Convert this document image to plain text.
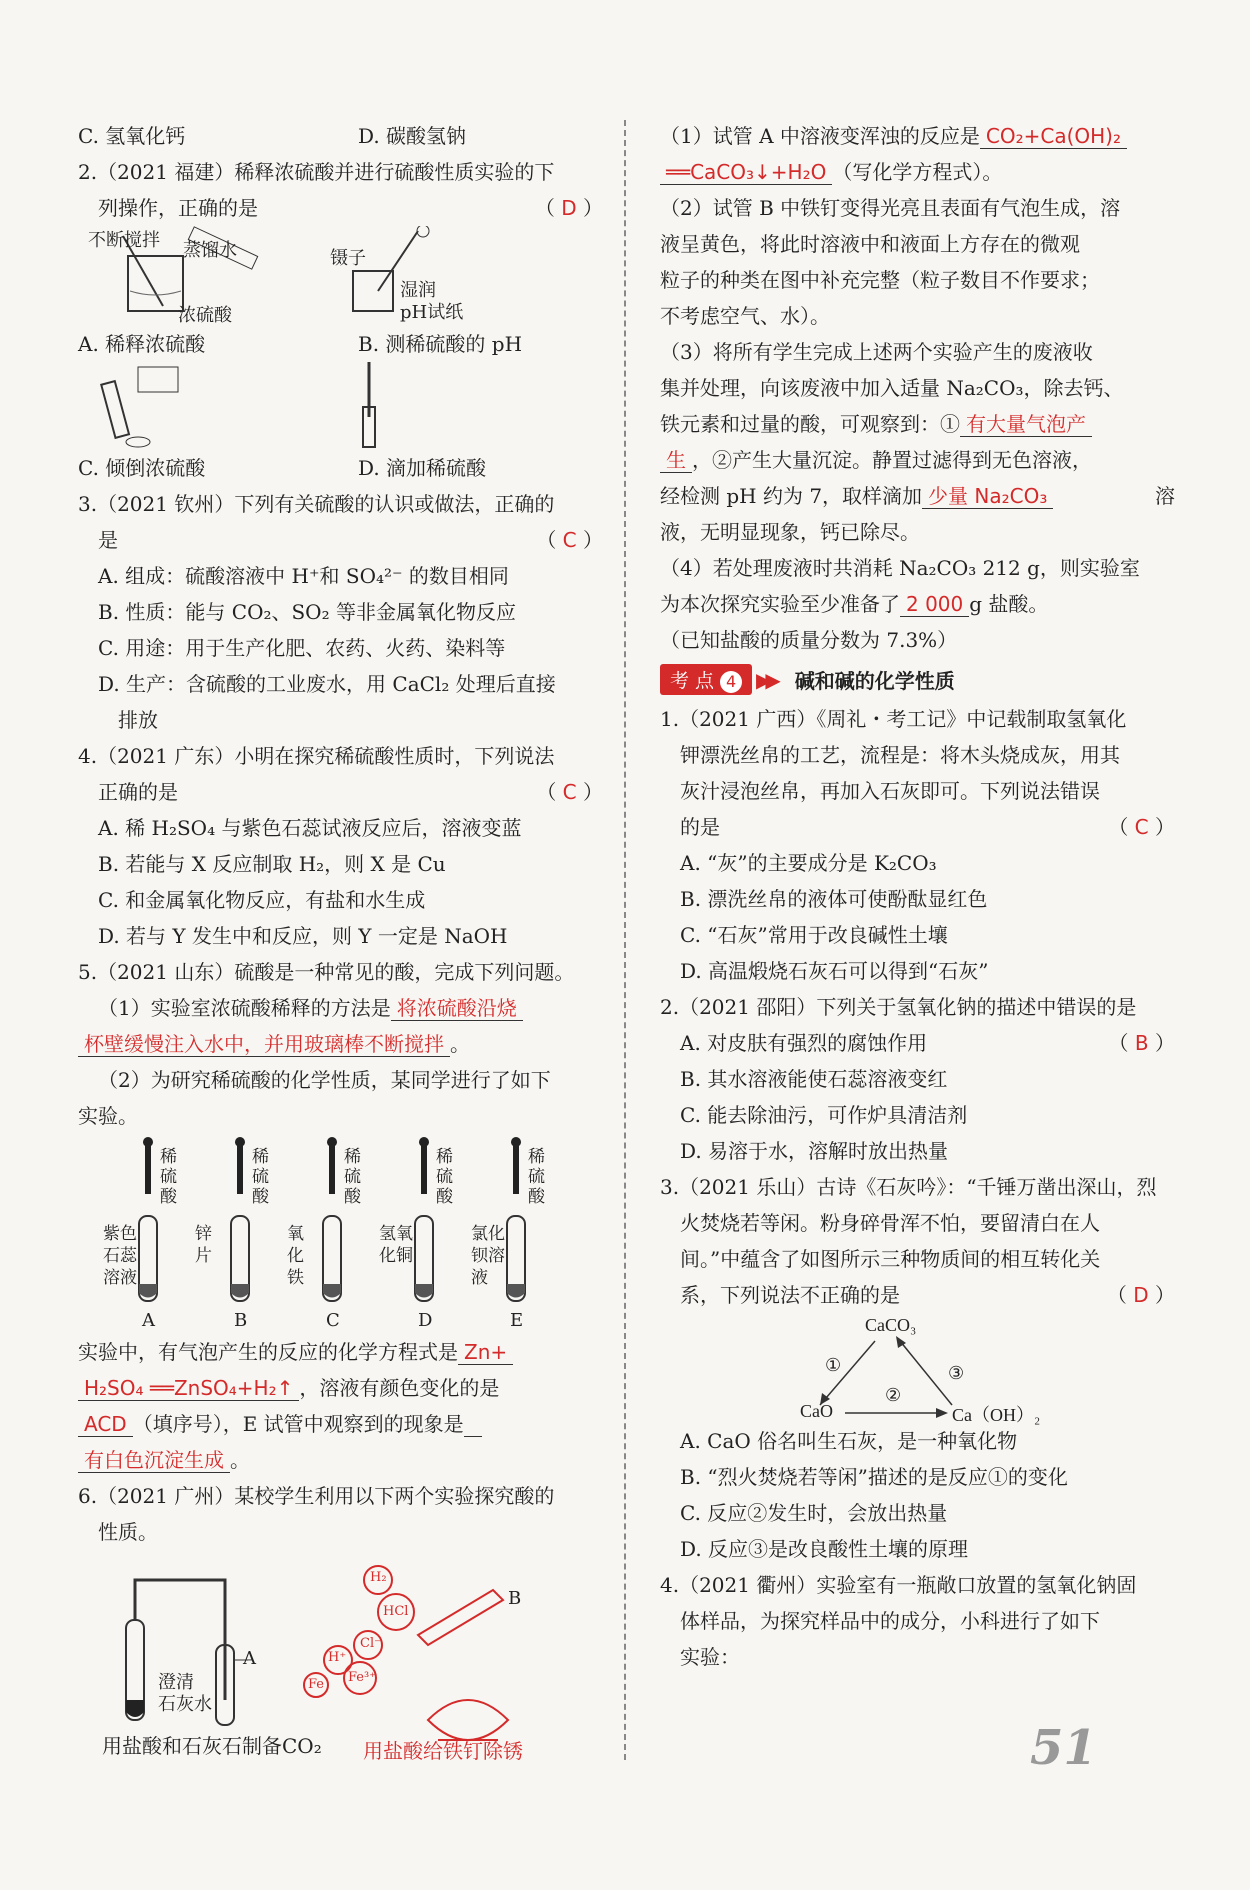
C. 氢氧化钙	D. 碳酸氢钠
2.（2021 福建）稀释浓硫酸并进行硫酸性质实验的下
列操作，正确的是	（ D ）
不断搅拌 蒸馏水
浓硫酸
镊子
湿润
pH试纸
A. 稀释浓硫酸	B. 测稀硫酸的 pH
C. 倾倒浓硫酸	D. 滴加稀硫酸
3.（2021 钦州）下列有关硫酸的认识或做法，正确的
是	（ C ）
A. 组成：硫酸溶液中 H⁺和 SO₄²⁻ 的数目相同
B. 性质：能与 CO₂、SO₂ 等非金属氧化物反应
C. 用途：用于生产化肥、农药、火药、染料等
D. 生产：含硫酸的工业废水，用 CaCl₂ 处理后直接
排放
4.（2021 广东）小明在探究稀硫酸性质时，下列说法
正确的是	（ C ）
A. 稀 H₂SO₄ 与紫色石蕊试液反应后，溶液变蓝
B. 若能与 X 反应制取 H₂，则 X 是 Cu
C. 和金属氧化物反应，有盐和水生成
D. 若与 Y 发生中和反应，则 Y 一定是 NaOH
5.（2021 山东）硫酸是一种常见的酸，完成下列问题。
（1）实验室浓硫酸稀释的方法是 将浓硫酸沿烧
杯壁缓慢注入水中，并用玻璃棒不断搅拌 。
（2）为研究稀硫酸的化学性质，某同学进行了如下
实验。
稀硫酸
紫色石蕊溶液
A
稀硫酸
锌片
B
稀硫酸
氧化铁
C
稀硫酸
氢氧化铜
D
稀硫酸
氯化钡溶液
E
实验中，有气泡产生的反应的化学方程式是 Zn+
H₂SO₄ ══ZnSO₄+H₂↑ ，溶液有颜色变化的是
ACD （填序号），E 试管中观察到的现象是
有白色沉淀生成 。
6.（2021 广州）某校学生利用以下两个实验探究酸的
性质。
A
澄清
石灰水
B
H₂
HCl
H⁺
Cl⁻
Fe³⁺
Fe
用盐酸和石灰石制备CO₂ 用盐酸给铁钉除锈
（1）试管 A 中溶液变浑浊的反应是 CO₂+Ca(OH)₂
══CaCO₃↓+H₂O （写化学方程式）。
（2）试管 B 中铁钉变得光亮且表面有气泡生成，溶
液呈黄色，将此时溶液中和液面上方存在的微观
粒子的种类在图中补充完整（粒子数目不作要求；
不考虑空气、水）。
（3）将所有学生完成上述两个实验产生的废液收
集并处理，向该废液中加入适量 Na₂CO₃，除去钙、
铁元素和过量的酸，可观察到：① 有大量气泡产
生 ，②产生大量沉淀。静置过滤得到无色溶液，
经检测 pH 约为 7，取样滴加 少量 Na₂CO₃	溶
液，无明显现象，钙已除尽。
（4）若处理废液时共消耗 Na₂CO₃ 212 g，则实验室
为本次探究实验至少准备了 2 000 g 盐酸。
（已知盐酸的质量分数为 7.3%）
考 点 4 ▶▶ 碱和碱的化学性质
1.（2021 广西）《周礼・考工记》中记载制取氢氧化
钾漂洗丝帛的工艺，流程是：将木头烧成灰，用其
灰汁浸泡丝帛，再加入石灰即可。下列说法错误
的是	（ C ）
A. “灰”的主要成分是 K₂CO₃
B. 漂洗丝帛的液体可使酚酞显红色
C. “石灰”常用于改良碱性土壤
D. 高温煅烧石灰石可以得到“石灰”
2.（2021 邵阳）下列关于氢氧化钠的描述中错误的是
（ B ）
A. 对皮肤有强烈的腐蚀作用
B. 其水溶液能使石蕊溶液变红
C. 能去除油污，可作炉具清洁剂
D. 易溶于水，溶解时放出热量
3.（2021 乐山）古诗《石灰吟》：“千锤万凿出深山，烈
火焚烧若等闲。粉身碎骨浑不怕，要留清白在人
间。”中蕴含了如图所示三种物质间的相互转化关
系，下列说法不正确的是	（ D ）
CaCO₃
CaO	Ca（OH）₂
①
②
③
A. CaO 俗名叫生石灰，是一种氧化物
B. “烈火焚烧若等闲”描述的是反应①的变化
C. 反应②发生时，会放出热量
D. 反应③是改良酸性土壤的原理
4.（2021 衢州）实验室有一瓶敞口放置的氢氧化钠固
体样品，为探究样品中的成分，小科进行了如下
实验：
51
